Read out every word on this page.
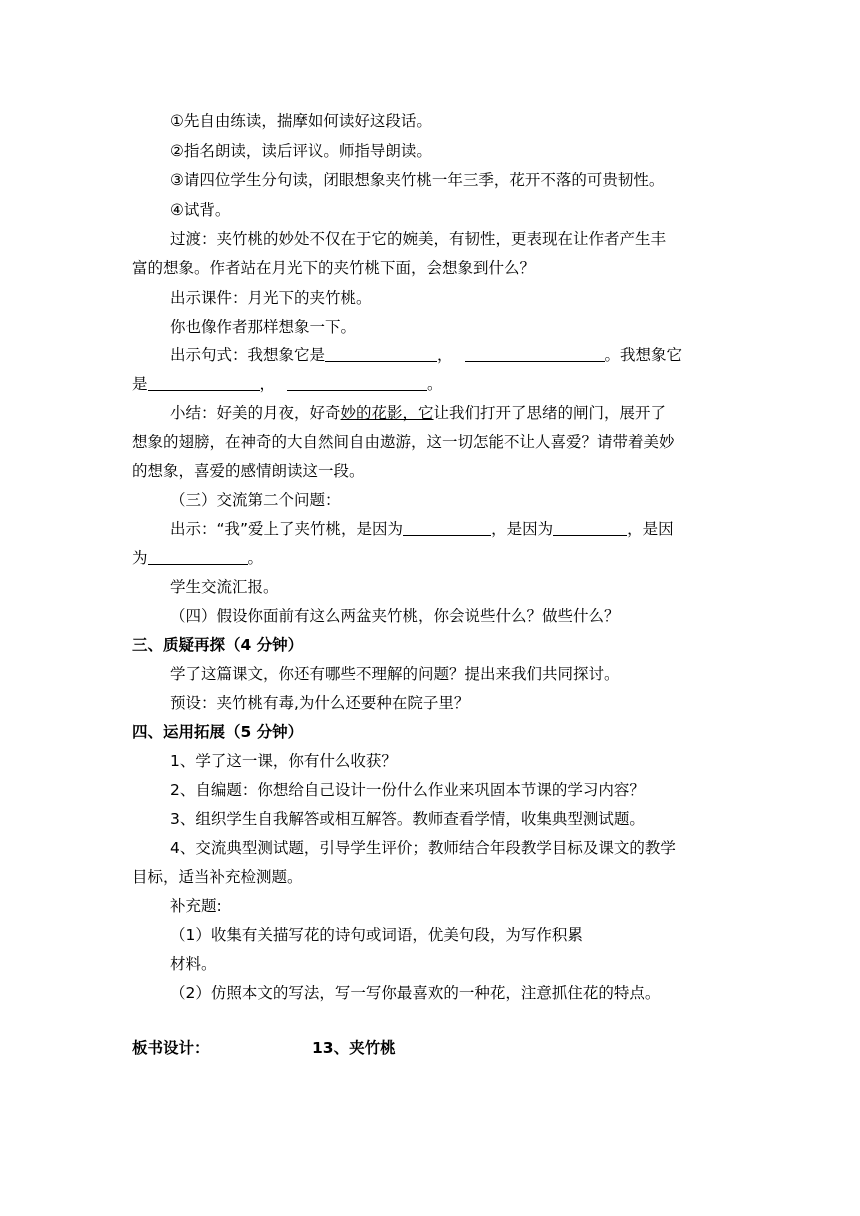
①先自由练读，揣摩如何读好这段话。
②指名朗读，读后评议。师指导朗读。
③请四位学生分句读，闭眼想象夹竹桃一年三季，花开不落的可贵韧性。
④试背。
过渡：夹竹桃的妙处不仅在于它的婉美，有韧性，更表现在让作者产生丰
富的想象。作者站在月光下的夹竹桃下面，会想象到什么？
出示课件：月光下的夹竹桃。
你也像作者那样想象一下。
出示句式：我想象它是	，	。我想象它
是	，	。
小结：好美的月夜，好奇妙的花影，它让我们打开了思绪的闸门，展开了
想象的翅膀，在神奇的大自然间自由遨游，这一切怎能不让人喜爱？请带着美妙
的想象，喜爱的感情朗读这一段。
（三）交流第二个问题：
出示：“我”爱上了夹竹桃，是因为	，是因为	，是因
为	。
学生交流汇报。
（四）假设你面前有这么两盆夹竹桃，你会说些什么？做些什么？
三、质疑再探（4 分钟）
学了这篇课文，你还有哪些不理解的问题？提出来我们共同探讨。
预设：夹竹桃有毒,为什么还要种在院子里？
四、运用拓展（5 分钟）
1、学了这一课，你有什么收获？
2、自编题：你想给自己设计一份什么作业来巩固本节课的学习内容？
3、组织学生自我解答或相互解答。教师查看学情，收集典型测试题。
4、交流典型测试题，引导学生评价；教师结合年段教学目标及课文的教学
目标，适当补充检测题。
补充题:
（1）收集有关描写花的诗句或词语，优美句段，为写作积累
材料。
（2）仿照本文的写法，写一写你最喜欢的一种花，注意抓住花的特点。
板书设计：	13、夹竹桃
